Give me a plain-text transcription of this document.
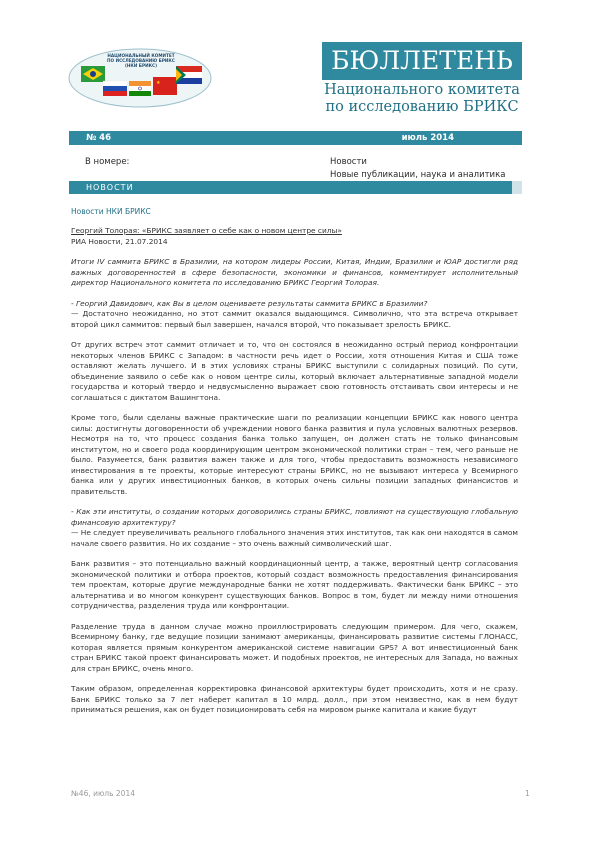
★
НАЦИОНАЛЬНЫЙ КОМИТЕТ ПО ИССЛЕДОВАНИЮ БРИКС (НКИ БРИКС)	БЮЛЛЕТЕНЬ
Национального комитета
по исследованию БРИКС
№ 46	июль 2014
В номере:	Новости
Новые публикации, наука и аналитика
НОВОСТИ
Новости НКИ БРИКС

Георгий Толорая: «БРИКС заявляет о себе как о новом центре силы»

РИА Новости, 21.07.2014

Итоги IV саммита БРИКС в Бразилии, на котором лидеры России, Китая, Индии, Бразилии и ЮАР достигли ряд важных договоренностей в сфере безопасности, экономики и финансов, комментирует исполнительный директор Национального комитета по исследованию БРИКС Георгий Толорая.

- Георгий Давидович, как Вы в целом оцениваете результаты саммита БРИКС в Бразилии?

— Достаточно неожиданно, но этот саммит оказался выдающимся. Символично, что эта встреча открывает второй цикл саммитов: первый был завершен, начался второй, что показывает зрелость БРИКС.

От других встреч этот саммит отличает и то, что он состоялся в неожиданно острый период конфронтации некоторых членов БРИКС с Западом: в частности речь идет о России, хотя отношения Китая и США тоже оставляют желать лучшего. И в этих условиях страны БРИКС выступили с солидарных позиций. По сути, объединение заявило о себе как о новом центре силы, который включает альтернативные западной модели государства и который твердо и недвусмысленно выражает свою готовность отстаивать свои интересы и не соглашаться с диктатом Вашингтона.

Кроме того, были сделаны важные практические шаги по реализации концепции БРИКС как нового центра силы: достигнуты договоренности об учреждении нового банка развития и пула условных валютных резервов. Несмотря на то, что процесс создания банка только запущен, он должен стать не только финансовым институтом, но и своего рода координирующим центром экономической политики стран – тем, чего раньше не было. Разумеется, банк развития важен также и для того, чтобы предоставить возможность независимого инвестирования в те проекты, которые интересуют страны БРИКС, но не вызывают интереса у Всемирного банка или у других инвестиционных банков, в которых очень сильны позиции западных финансистов и правительств.

- Как эти институты, о создании которых договорились страны БРИКС, повлияют на существующую глобальную финансовую архитектуру?

— Не следует преувеличивать реального глобального значения этих институтов, так как они находятся в самом начале своего развития. Но их создание – это очень важный символический шаг.

Банк развития – это потенциально важный координационный центр, а также, вероятный центр согласования экономической политики и отбора проектов, который создаст возможность предоставления финансирования тем проектам, которые другие международные банки не хотят поддерживать. Фактически банк БРИКС – это альтернатива и во многом конкурент существующих банков. Вопрос в том, будет ли между ними отношения сотрудничества, разделения труда или конфронтации.

Разделение труда в данном случае можно проиллюстрировать следующим примером. Для чего, скажем, Всемирному банку, где ведущие позиции занимают американцы, финансировать развитие системы ГЛОНАСС, которая является прямым конкурентом американской системе навигации GPS? А вот инвестиционный банк стран БРИКС такой проект финансировать может. И подобных проектов, не интересных для Запада, но важных для стран БРИКС, очень много.

Таким образом, определенная корректировка финансовой архитектуры будет происходить, хотя и не сразу. Банк БРИКС только за 7 лет наберет капитал в 10 млрд. долл., при этом неизвестно, как в нем будут приниматься решения, как он будет позиционировать себя на мировом рынке капитала и какие будут

№46, июль 2014	1
